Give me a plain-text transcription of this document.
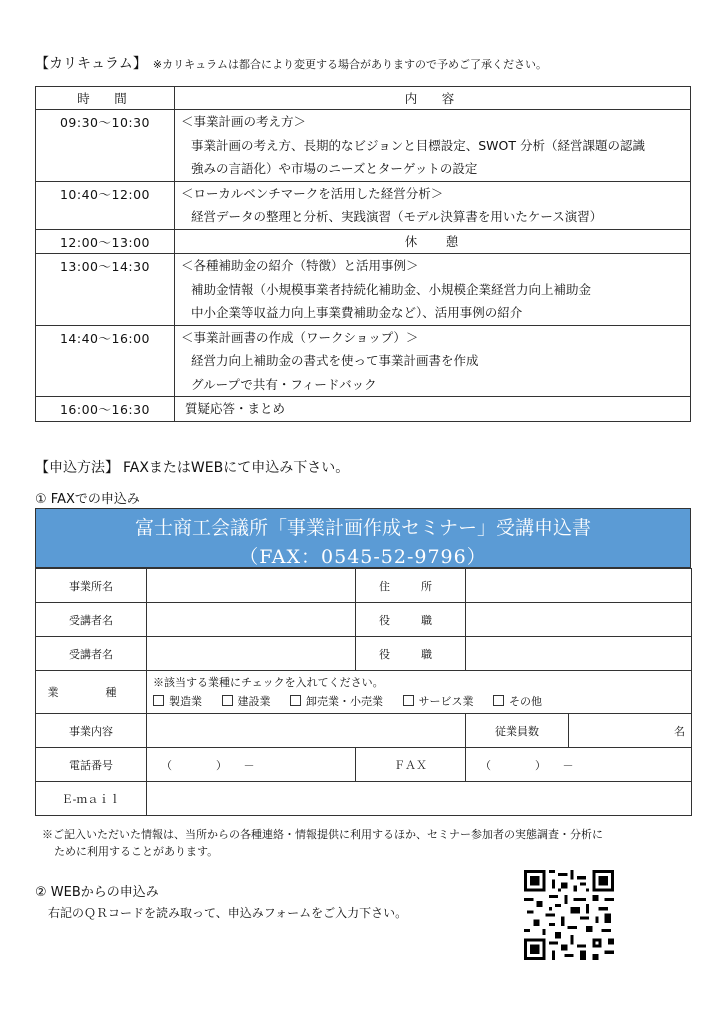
【カリキュラム】 ※カリキュラムは都合により変更する場合がありますので予めご了承ください。
時　間	内　容
09:30〜10:30	＜事業計画の考え方＞
事業計画の考え方、長期的なビジョンと目標設定、SWOT 分析（経営課題の認識
強みの言語化）や市場のニーズとターゲットの設定

10:40〜12:00	＜ローカルベンチマークを活用した経営分析＞
経営データの整理と分析、実践演習（モデル決算書を用いたケース演習）

12:00〜13:00	休　憩

13:00〜14:30	＜各種補助金の紹介（特徴）と活用事例＞
補助金情報（小規模事業者持続化補助金、小規模企業経営力向上補助金
中小企業等収益力向上事業費補助金など）、活用事例の紹介

14:40〜16:00	＜事業計画書の作成（ワークショップ）＞
経営力向上補助金の書式を使って事業計画書を作成
グループで共有・フィードバック

16:00〜16:30	質疑応答・まとめ
【申込方法】 FAXまたはWEBにて申込み下さい。
① FAXでの申込み
富士商工会議所「事業計画作成セミナー」受講申込書
（FAX：0545-52-9796）
事業所名		住　所		
受講者名		役　職		
受講者名		役　職		
業　種	※該当する業種にチェックを入れてください。
製造業 建設業 卸売業・小売業 サービス業 その他			

事業内容			従業員数	名
電話番号	（　　　　）　　－	ＦＡＸ	（　　　　）　　－	
Ｅ-ｍａｉｌ				
※ご記入いただいた情報は、当所からの各種連絡・情報提供に利用するほか、セミナー参加者の実態調査・分析に
ために利用することがあります。
② WEBからの申込み
右記のＱＲコードを読み取って、申込みフォームをご入力下さい。
